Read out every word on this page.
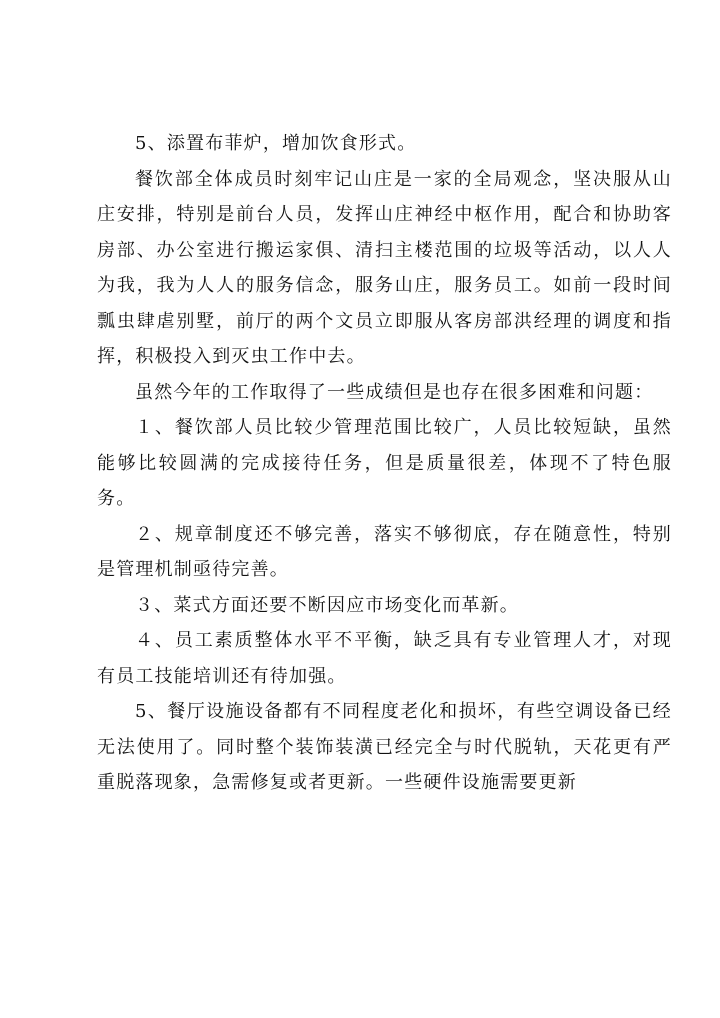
5、添置布菲炉，增加饮食形式。

餐饮部全体成员时刻牢记山庄是一家的全局观念，坚决服从山庄安排，特别是前台人员，发挥山庄神经中枢作用，配合和协助客房部、办公室进行搬运家俱、清扫主楼范围的垃圾等活动，以人人为我，我为人人的服务信念，服务山庄，服务员工。如前一段时间瓢虫肆虐别墅，前厅的两个文员立即服从客房部洪经理的调度和指挥，积极投入到灭虫工作中去。

虽然今年的工作取得了一些成绩但是也存在很多困难和问题：

１、餐饮部人员比较少管理范围比较广，人员比较短缺，虽然能够比较圆满的完成接待任务，但是质量很差，体现不了特色服务。

２、规章制度还不够完善，落实不够彻底，存在随意性，特别是管理机制亟待完善。

３、菜式方面还要不断因应市场变化而革新。

４、员工素质整体水平不平衡，缺乏具有专业管理人才，对现有员工技能培训还有待加强。

5、餐厅设施设备都有不同程度老化和损坏，有些空调设备已经无法使用了。同时整个装饰装潢已经完全与时代脱轨，天花更有严重脱落现象，急需修复或者更新。一些硬件设施需要更新
